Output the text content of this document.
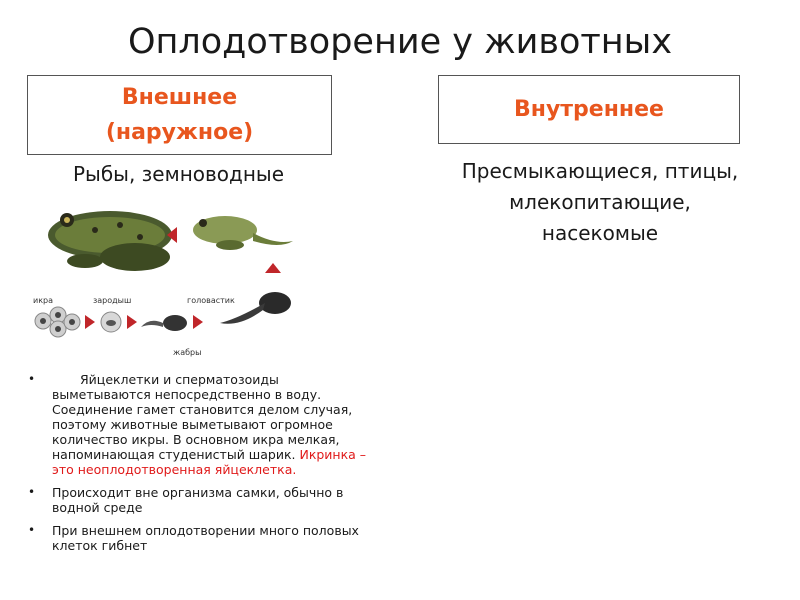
Оплодотворение у животных
Внешнее
(наружное)
Внутреннее
Рыбы, земноводные	Пресмыкающиеся, птицы,
млекопитающие,
насекомые
икра	зародыш	головастик
жабры
• Яйцеклетки и сперматозоиды выметываются непосредственно в воду. Соединение гамет становится делом случая, поэтому животные выметывают огромное количество икры. В основном икра мелкая, напоминающая студенистый шарик. Икринка – это неоплодотворенная яйцеклетка.
• Происходит вне организма самки, обычно в водной среде
• При внешнем оплодотворении много половых клеток гибнет
